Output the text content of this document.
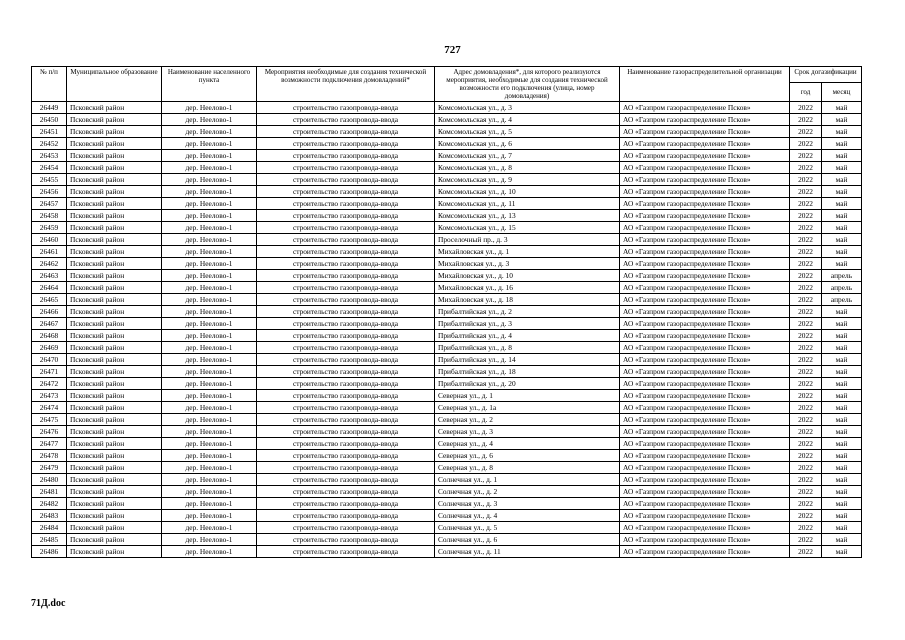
727
№ п/п	Муниципальное образование	Наименование населенного пункта	Мероприятия необходимые для создания технической возможности подключения домовладений*	Адрес домовладения*, для которого реализуются мероприятия, необходимые для создания технической возможности его подключения (улица, номер домовладения)	Наименование газораспределительной организации	Срок догазификации	
						год	месяц
26449	Псковский район	дер. Неелово-1	строительство газопровода-ввода	Комсомольская ул., д. 3	АО «Газпром газораспределение Псков»	2022	май
26450	Псковский район	дер. Неелово-1	строительство газопровода-ввода	Комсомольская ул., д. 4	АО «Газпром газораспределение Псков»	2022	май
26451	Псковский район	дер. Неелово-1	строительство газопровода-ввода	Комсомольская ул., д. 5	АО «Газпром газораспределение Псков»	2022	май
26452	Псковский район	дер. Неелово-1	строительство газопровода-ввода	Комсомольская ул., д. 6	АО «Газпром газораспределение Псков»	2022	май
26453	Псковский район	дер. Неелово-1	строительство газопровода-ввода	Комсомольская ул., д. 7	АО «Газпром газораспределение Псков»	2022	май
26454	Псковский район	дер. Неелово-1	строительство газопровода-ввода	Комсомольская ул., д. 8	АО «Газпром газораспределение Псков»	2022	май
26455	Псковский район	дер. Неелово-1	строительство газопровода-ввода	Комсомольская ул., д. 9	АО «Газпром газораспределение Псков»	2022	май
26456	Псковский район	дер. Неелово-1	строительство газопровода-ввода	Комсомольская ул., д. 10	АО «Газпром газораспределение Псков»	2022	май
26457	Псковский район	дер. Неелово-1	строительство газопровода-ввода	Комсомольская ул., д. 11	АО «Газпром газораспределение Псков»	2022	май
26458	Псковский район	дер. Неелово-1	строительство газопровода-ввода	Комсомольская ул., д. 13	АО «Газпром газораспределение Псков»	2022	май
26459	Псковский район	дер. Неелово-1	строительство газопровода-ввода	Комсомольская ул., д. 15	АО «Газпром газораспределение Псков»	2022	май
26460	Псковский район	дер. Неелово-1	строительство газопровода-ввода	Проселочный пр., д. 3	АО «Газпром газораспределение Псков»	2022	май
26461	Псковский район	дер. Неелово-1	строительство газопровода-ввода	Михайловская ул., д. 1	АО «Газпром газораспределение Псков»	2022	май
26462	Псковский район	дер. Неелово-1	строительство газопровода-ввода	Михайловская ул., д. 3	АО «Газпром газораспределение Псков»	2022	май
26463	Псковский район	дер. Неелово-1	строительство газопровода-ввода	Михайловская ул., д. 10	АО «Газпром газораспределение Псков»	2022	апрель
26464	Псковский район	дер. Неелово-1	строительство газопровода-ввода	Михайловская ул., д. 16	АО «Газпром газораспределение Псков»	2022	апрель
26465	Псковский район	дер. Неелово-1	строительство газопровода-ввода	Михайловская ул., д. 18	АО «Газпром газораспределение Псков»	2022	апрель
26466	Псковский район	дер. Неелово-1	строительство газопровода-ввода	Прибалтийская ул., д. 2	АО «Газпром газораспределение Псков»	2022	май
26467	Псковский район	дер. Неелово-1	строительство газопровода-ввода	Прибалтийская ул., д. 3	АО «Газпром газораспределение Псков»	2022	май
26468	Псковский район	дер. Неелово-1	строительство газопровода-ввода	Прибалтийская ул., д. 4	АО «Газпром газораспределение Псков»	2022	май
26469	Псковский район	дер. Неелово-1	строительство газопровода-ввода	Прибалтийская ул., д. 8	АО «Газпром газораспределение Псков»	2022	май
26470	Псковский район	дер. Неелово-1	строительство газопровода-ввода	Прибалтийская ул., д. 14	АО «Газпром газораспределение Псков»	2022	май
26471	Псковский район	дер. Неелово-1	строительство газопровода-ввода	Прибалтийская ул., д. 18	АО «Газпром газораспределение Псков»	2022	май
26472	Псковский район	дер. Неелово-1	строительство газопровода-ввода	Прибалтийская ул., д. 20	АО «Газпром газораспределение Псков»	2022	май
26473	Псковский район	дер. Неелово-1	строительство газопровода-ввода	Северная ул., д. 1	АО «Газпром газораспределение Псков»	2022	май
26474	Псковский район	дер. Неелово-1	строительство газопровода-ввода	Северная ул., д. 1а	АО «Газпром газораспределение Псков»	2022	май
26475	Псковский район	дер. Неелово-1	строительство газопровода-ввода	Северная ул., д. 2	АО «Газпром газораспределение Псков»	2022	май
26476	Псковский район	дер. Неелово-1	строительство газопровода-ввода	Северная ул., д. 3	АО «Газпром газораспределение Псков»	2022	май
26477	Псковский район	дер. Неелово-1	строительство газопровода-ввода	Северная ул., д. 4	АО «Газпром газораспределение Псков»	2022	май
26478	Псковский район	дер. Неелово-1	строительство газопровода-ввода	Северная ул., д. 6	АО «Газпром газораспределение Псков»	2022	май
26479	Псковский район	дер. Неелово-1	строительство газопровода-ввода	Северная ул., д. 8	АО «Газпром газораспределение Псков»	2022	май
26480	Псковский район	дер. Неелово-1	строительство газопровода-ввода	Солнечная ул., д. 1	АО «Газпром газораспределение Псков»	2022	май
26481	Псковский район	дер. Неелово-1	строительство газопровода-ввода	Солнечная ул., д. 2	АО «Газпром газораспределение Псков»	2022	май
26482	Псковский район	дер. Неелово-1	строительство газопровода-ввода	Солнечная ул., д. 3	АО «Газпром газораспределение Псков»	2022	май
26483	Псковский район	дер. Неелово-1	строительство газопровода-ввода	Солнечная ул., д. 4	АО «Газпром газораспределение Псков»	2022	май
26484	Псковский район	дер. Неелово-1	строительство газопровода-ввода	Солнечная ул., д. 5	АО «Газпром газораспределение Псков»	2022	май
26485	Псковский район	дер. Неелово-1	строительство газопровода-ввода	Солнечная ул., д. 6	АО «Газпром газораспределение Псков»	2022	май
26486	Псковский район	дер. Неелово-1	строительство газопровода-ввода	Солнечная ул., д. 11	АО «Газпром газораспределение Псков»	2022	май
71Д.doc
